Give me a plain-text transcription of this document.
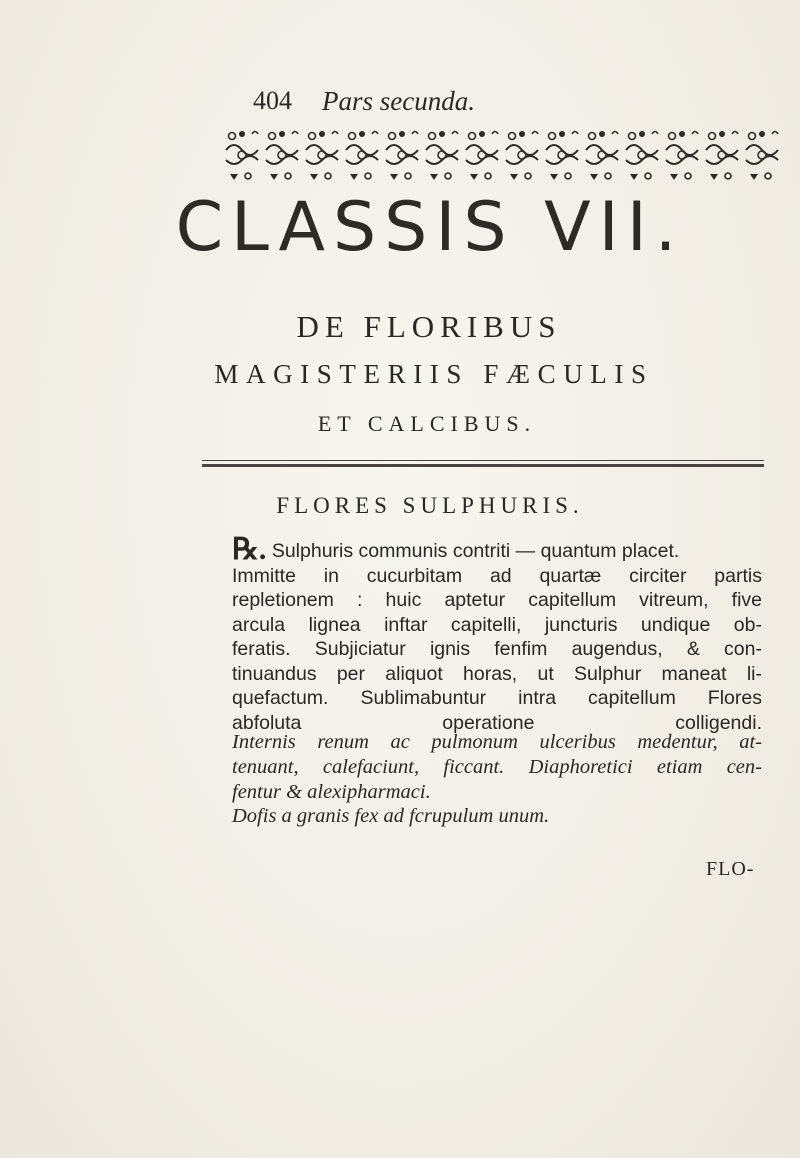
404 Pars secunda.
CLASSIS VII.
DE FLORIBUS
MAGISTERIIS FÆCULIS
ET CALCIBUS.
FLORES SULPHURIS.

℞. Sulphuris communis contriti — quantum placet.

Immitte in cucurbitam ad quartæ circiter partis
repletionem : huic aptetur capitellum vitreum, five
arcula lignea inftar capitelli, juncturis undique ob-
feratis. Subjiciatur ignis fenfim augendus, & con-
tinuandus per aliquot horas, ut Sulphur maneat li-
quefactum. Sublimabuntur intra capitellum Flores
abfoluta operatione colligendi.
Internis renum ac pulmonum ulceribus medentur, at-
tenuant, calefaciunt, ficcant. Diaphoretici etiam cen-
fentur & alexipharmaci.
Dofis a granis fex ad fcrupulum unum.
FLO-
